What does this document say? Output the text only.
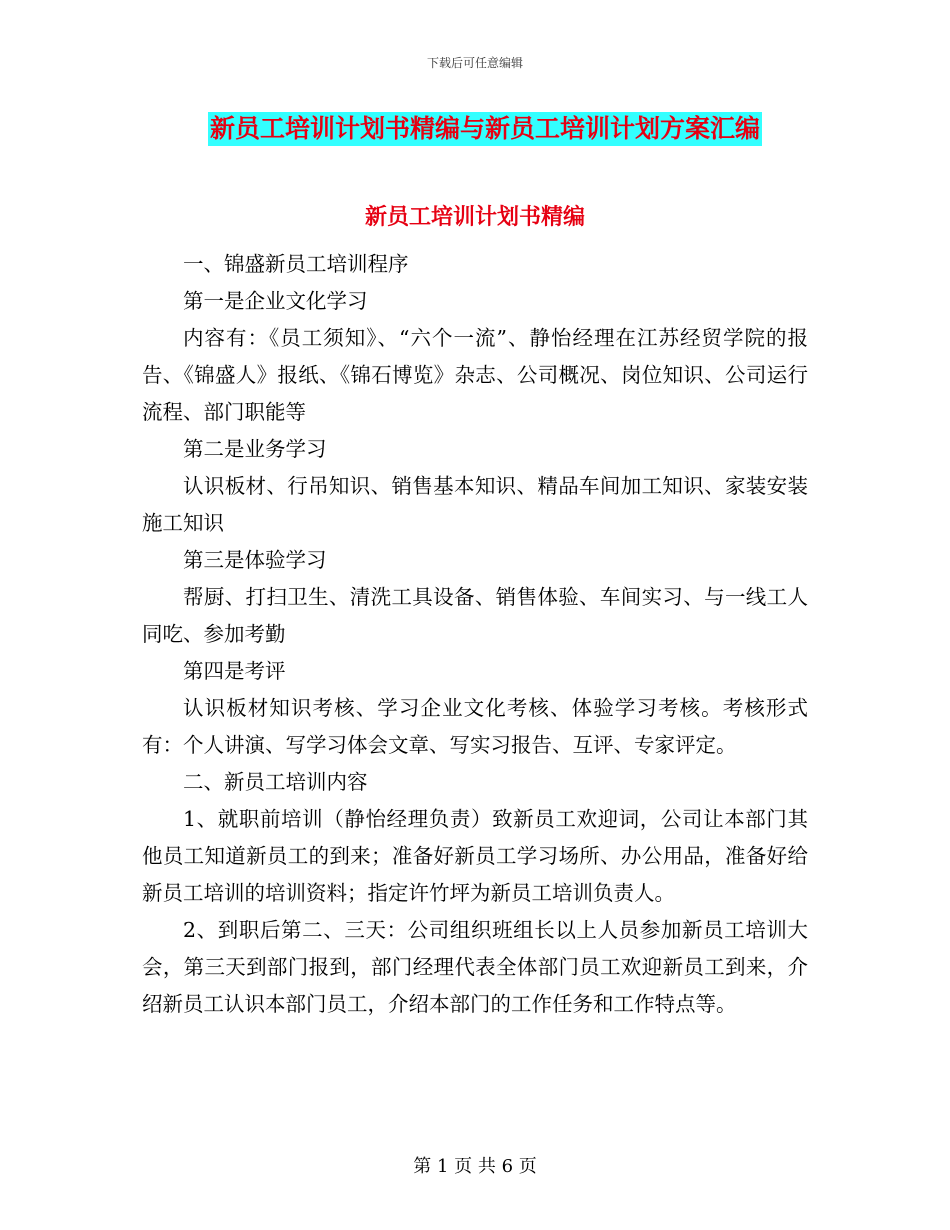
下载后可任意编辑
新员工培训计划书精编与新员工培训计划方案汇编
新员工培训计划书精编

一、锦盛新员工培训程序

第一是企业文化学习

内容有：《员工须知》、“六个一流”、静怡经理在江苏经贸学院的报告、《锦盛人》报纸、《锦石博览》杂志、公司概况、岗位知识、公司运行流程、部门职能等

第二是业务学习

认识板材、行吊知识、销售基本知识、精品车间加工知识、家装安装施工知识

第三是体验学习

帮厨、打扫卫生、清洗工具设备、销售体验、车间实习、与一线工人同吃、参加考勤

第四是考评

认识板材知识考核、学习企业文化考核、体验学习考核。考核形式有：个人讲演、写学习体会文章、写实习报告、互评、专家评定。

二、新员工培训内容

1、就职前培训（静怡经理负责）致新员工欢迎词，公司让本部门其他员工知道新员工的到来；准备好新员工学习场所、办公用品，准备好给新员工培训的培训资料；指定许竹坪为新员工培训负责人。

2、到职后第二、三天：公司组织班组长以上人员参加新员工培训大会，第三天到部门报到，部门经理代表全体部门员工欢迎新员工到来，介绍新员工认识本部门员工，介绍本部门的工作任务和工作特点等。

第 1 页 共 6 页
